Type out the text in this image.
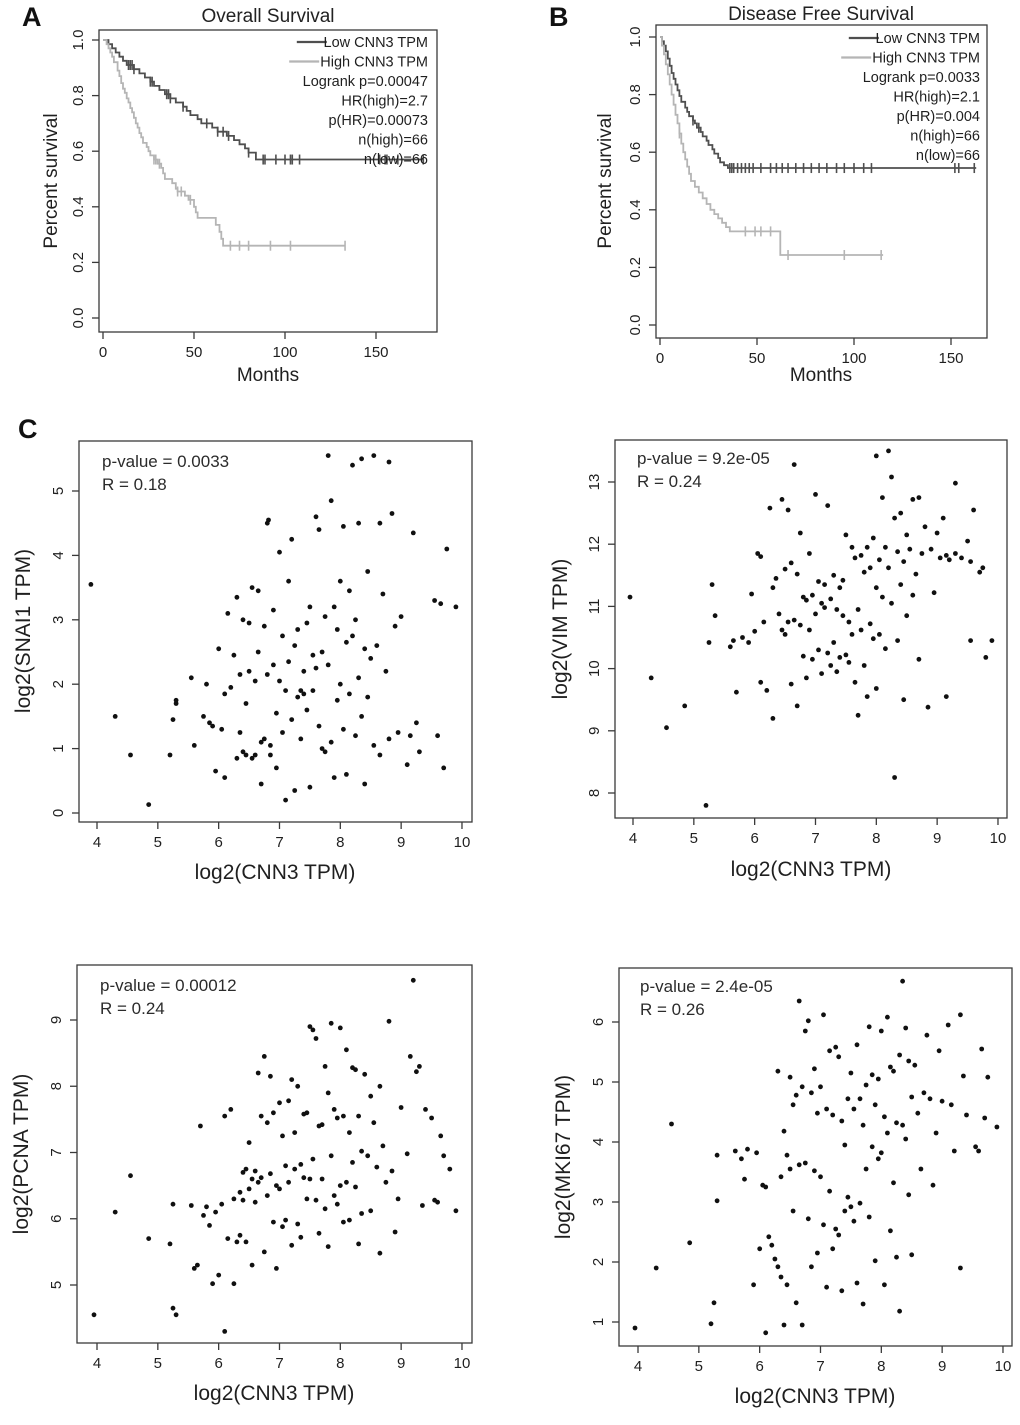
A	B
C
0	50	100	150
0.0
0.2
0.4
0.6
0.8
1.0
Overall Survival
Months
Percent survival
Low CNN3 TPM
High CNN3 TPM
Logrank p=0.00047
HR(high)=2.7
p(HR)=0.00073
n(high)=66
n(low)=66
0	50	100	150
0.0
0.2
0.4
0.6
0.8
1.0
Disease Free Survival
Months
Percent survival
Low CNN3 TPM
High CNN3 TPM
Logrank p=0.0033
HR(high)=2.1
p(HR)=0.004
n(high)=66
n(low)=66
4	5	6	7	8	9	10
0
1
2
3
4
5
log2(CNN3 TPM)
log2(SNAI1 TPM)
p-value = 0.0033
R = 0.18
4	5	6	7	8	9	10
8
9
10
11
12
13
log2(CNN3 TPM)
log2(VIM TPM)
p-value = 9.2e-05
R = 0.24
4	5	6	7	8	9	10
5
6
7
8
9
log2(CNN3 TPM)
log2(PCNA TPM)
p-value = 0.00012
R = 0.24
4	5	6	7	8	9	10
1
2
3
4
5
6
log2(CNN3 TPM)
log2(MKI67 TPM)
p-value = 2.4e-05
R = 0.26
